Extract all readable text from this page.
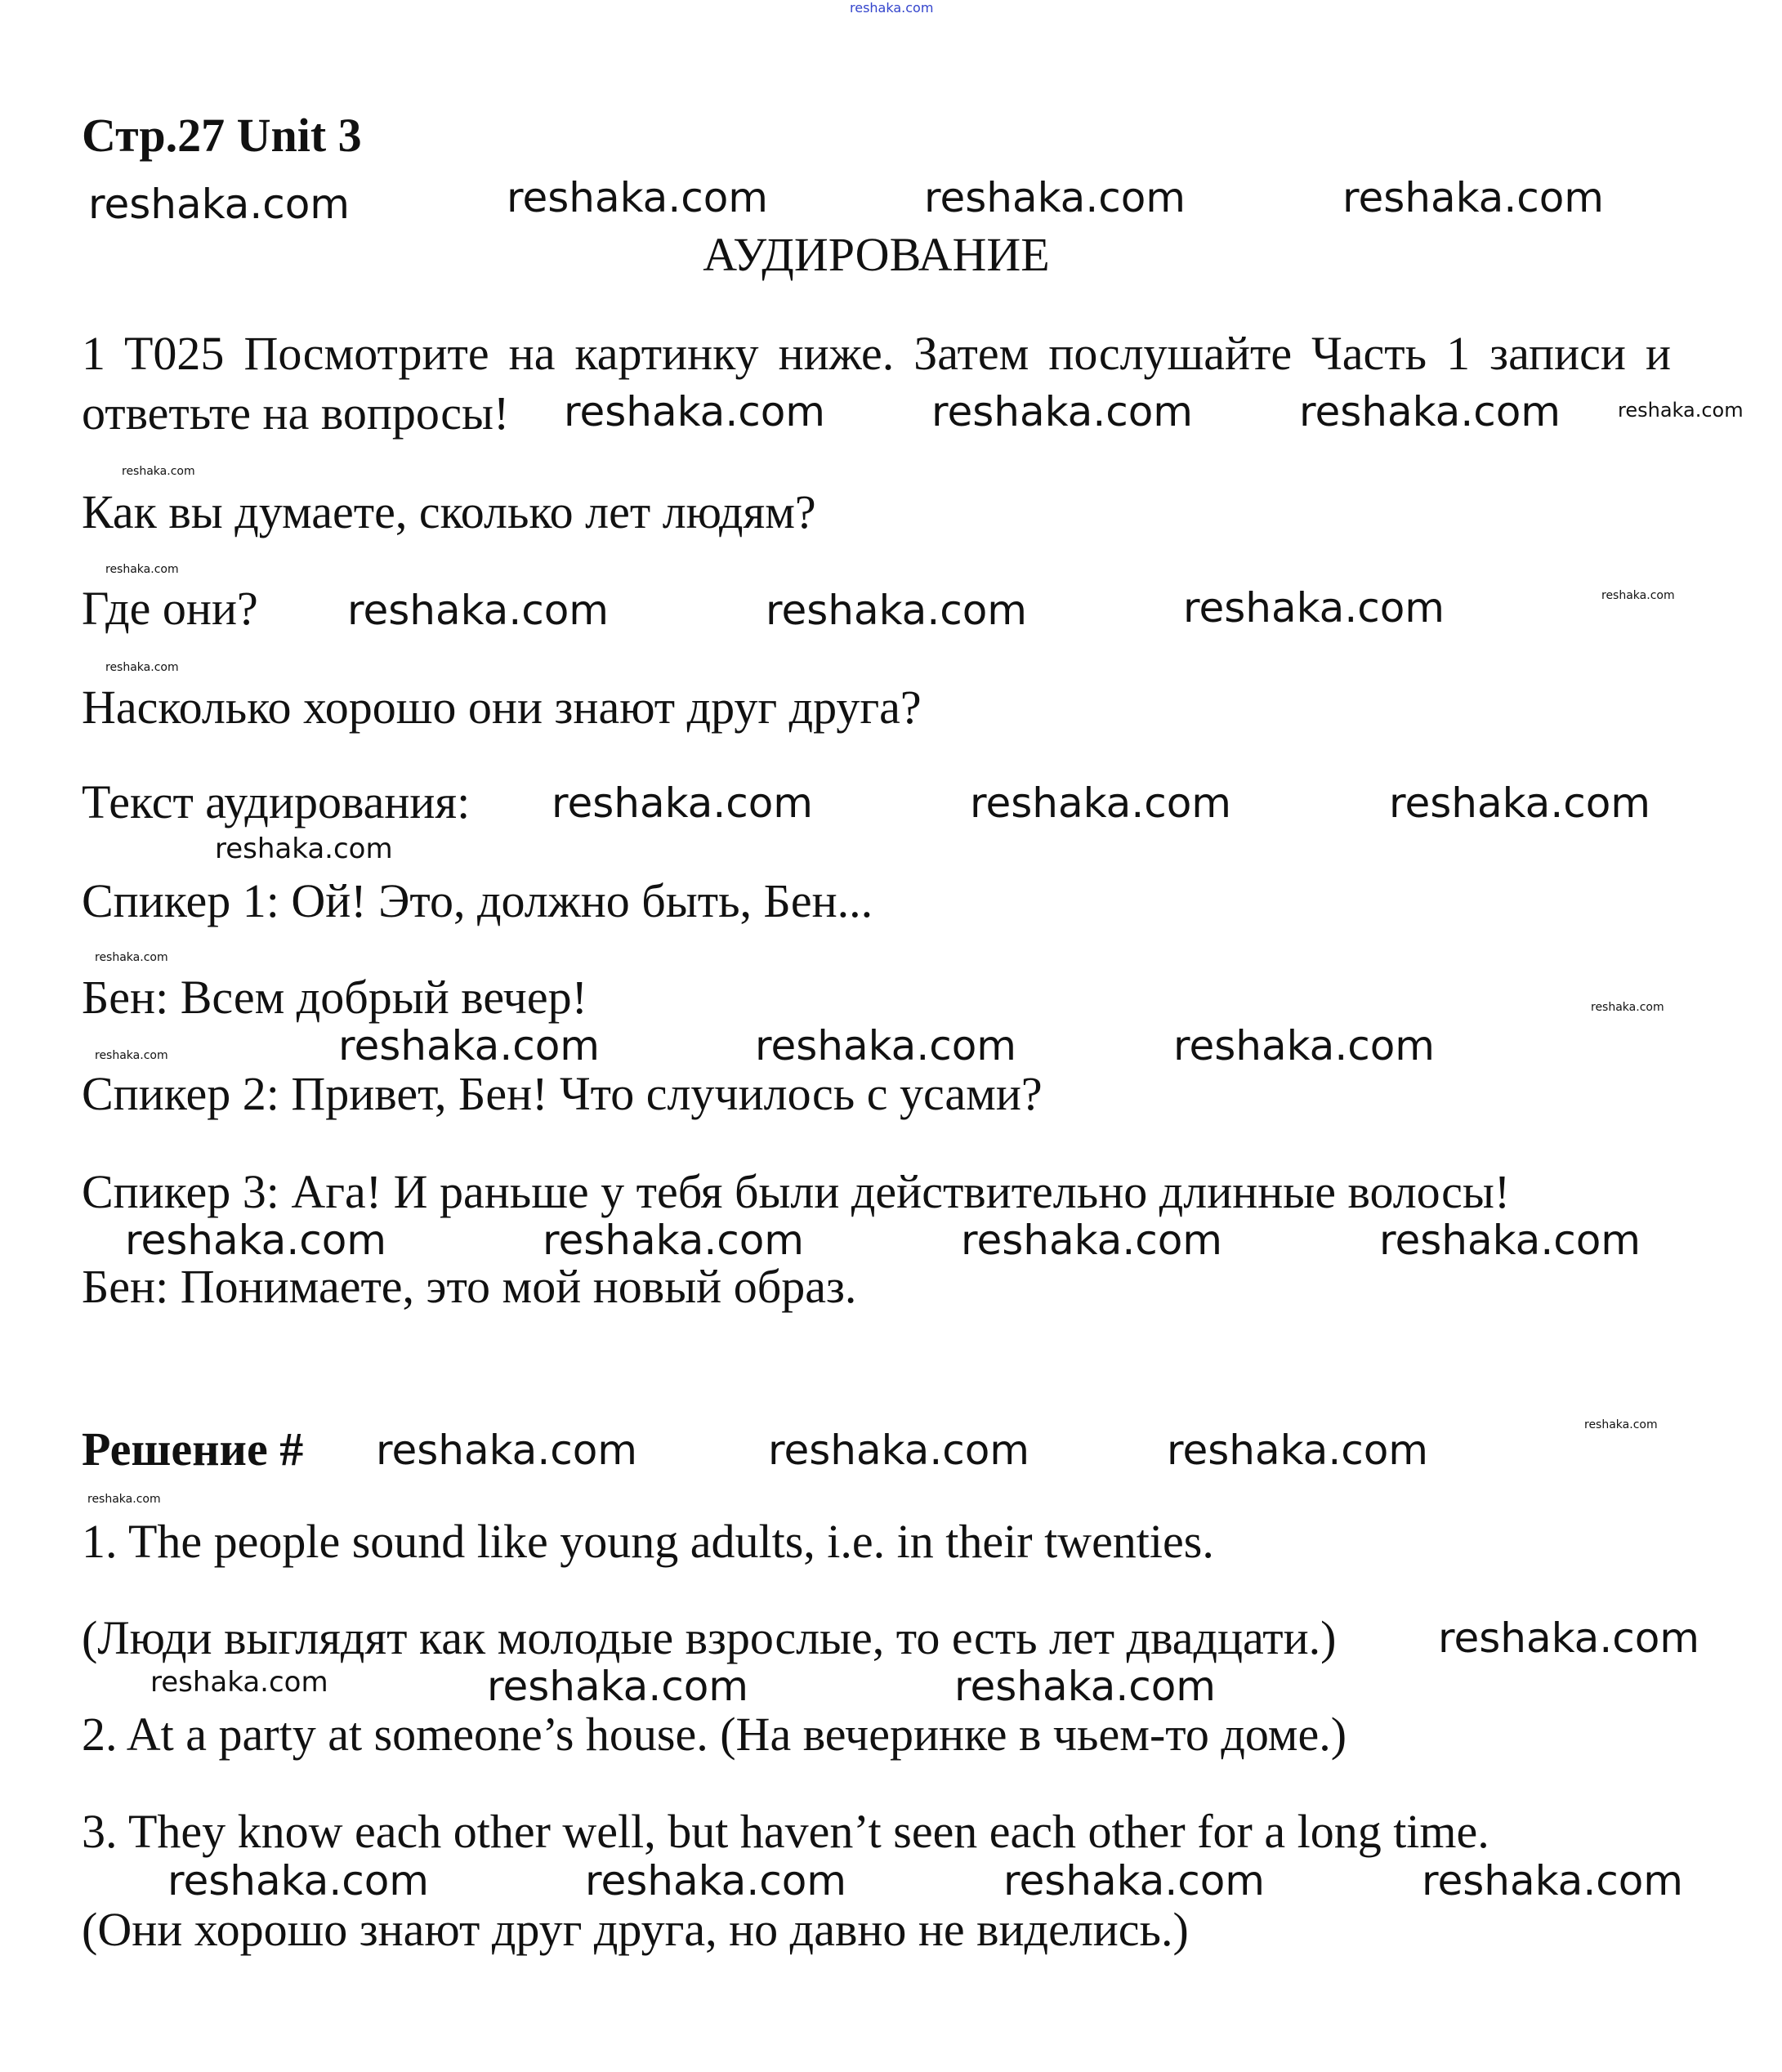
Стр.27 Unit 3
АУДИРОВАНИЕ
1 T025 Посмотрите на картинку ниже. Затем послушайте Часть 1 записи и
ответьте на вопросы!
Как вы думаете, сколько лет людям?
Где они?
Насколько хорошо они знают друг друга?
Текст аудирования:
Спикер 1: Ой! Это, должно быть, Бен...
Бен: Всем добрый вечер!
Спикер 2: Привет, Бен! Что случилось с усами?
Спикер 3: Ага! И раньше у тебя были действительно длинные волосы!
Бен: Понимаете, это мой новый образ.
Решение #
1. The people sound like young adults, i.e. in their twenties.
(Люди выглядят как молодые взрослые, то есть лет двадцати.)
2. At a party at someone’s house. (На вечеринке в чьем-то доме.)
3. They know each other well, but haven’t seen each other for a long time.
(Они хорошо знают друг друга, но давно не виделись.)
reshaka.com
reshaka.com	reshaka.com	reshaka.com	reshaka.com
reshaka.com	reshaka.com	reshaka.com
reshaka.com	reshaka.com	reshaka.com
reshaka.com	reshaka.com	reshaka.com
reshaka.com	reshaka.com	reshaka.com
reshaka.com	reshaka.com	reshaka.com	reshaka.com
reshaka.com	reshaka.com	reshaka.com
reshaka.com
reshaka.com	reshaka.com
reshaka.com	reshaka.com	reshaka.com	reshaka.com
reshaka.com
reshaka.com
reshaka.com
reshaka.com
reshaka.com
reshaka.com
reshaka.com
reshaka.com
reshaka.com
reshaka.com
reshaka.com
reshaka.com
